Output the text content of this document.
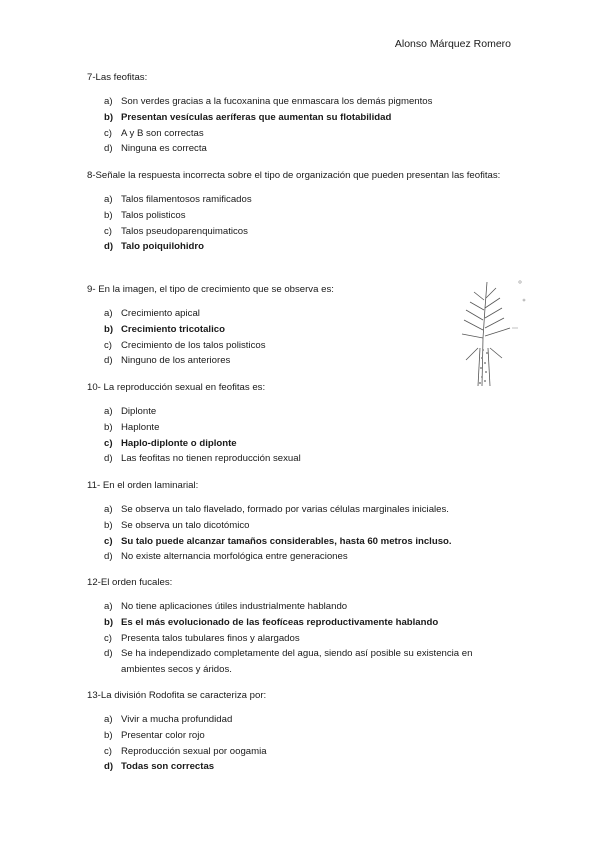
Alonso Márquez Romero

7-Las feofitas:

a) Son verdes gracias a la fucoxanina que enmascara los demás pigmentos
b) Presentan vesículas aeríferas que aumentan su flotabilidad
c) A y B son correctas
d) Ninguna es correcta

8-Señale la respuesta incorrecta sobre el tipo de organización que pueden presentan las feofitas:

a) Talos filamentosos ramificados
b) Talos polisticos
c) Talos pseudoparenquimaticos
d) Talo poiquilohidro

9- En la imagen, el tipo de crecimiento que se observa es:

a) Crecimiento apical
b) Crecimiento tricotalico
c) Crecimiento de los talos polisticos
d) Ninguno de los anteriores

10- La reproducción sexual en feofitas es:

a) Diplonte
b) Haplonte
c) Haplo-diplonte o diplonte
d) Las feofitas no tienen reproducción sexual

11- En el orden laminarial:

a) Se observa un talo flavelado, formado por varias células marginales iniciales.
b) Se observa un talo dicotómico
c) Su talo puede alcanzar tamaños considerables, hasta 60 metros incluso.
d) No existe alternancia morfológica entre generaciones

12-El orden fucales:

a) No tiene aplicaciones útiles industrialmente hablando
b) Es el más evolucionado de las feofíceas reproductivamente hablando
c) Presenta talos tubulares finos y alargados
d) Se ha independizado completamente del agua, siendo así posible su existencia en ambientes secos y áridos.

13-La división Rodofita se caracteriza por:

a) Vivir a mucha profundidad
b) Presentar color rojo
c) Reproducción sexual por oogamia
d) Todas son correctas
